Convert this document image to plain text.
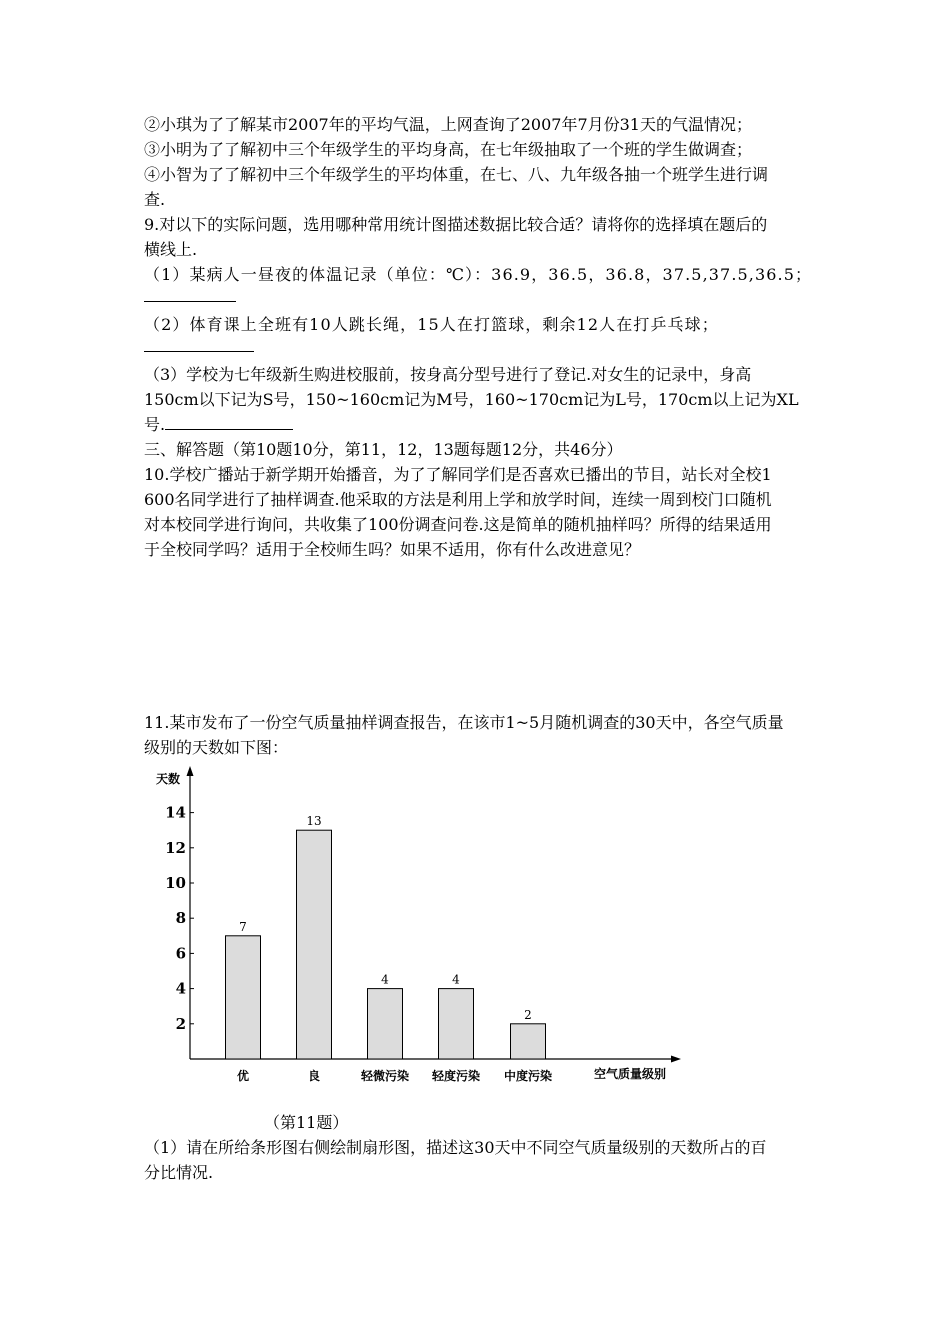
②小琪为了了解某市2007年的平均气温，上网查询了2007年7月份31天的气温情况；
③小明为了了解初中三个年级学生的平均身高，在七年级抽取了一个班的学生做调查；
④小智为了了解初中三个年级学生的平均体重，在七、八、九年级各抽一个班学生进行调
查.
9.对以下的实际问题，选用哪种常用统计图描述数据比较合适？请将你的选择填在题后的
横线上.
（1）某病人一昼夜的体温记录（单位：℃）：36.9，36.5，36.8，37.5,37.5,36.5；
（2）体育课上全班有10人跳长绳，15人在打篮球，剩余12人在打乒乓球；
（3）学校为七年级新生购进校服前，按身高分型号进行了登记.对女生的记录中，身高
150cm以下记为S号，150~160cm记为M号，160~170cm记为L号，170cm以上记为XL
号.
三、解答题（第10题10分，第11，12，13题每题12分，共46分）
10.学校广播站于新学期开始播音，为了了解同学们是否喜欢已播出的节目，站长对全校1
600名同学进行了抽样调查.他采取的方法是利用上学和放学时间，连续一周到校门口随机
对本校同学进行询问，共收集了100份调查问卷.这是简单的随机抽样吗？所得的结果适用
于全校同学吗？适用于全校师生吗？如果不适用，你有什么改进意见？
11.某市发布了一份空气质量抽样调查报告，在该市1~5月随机调查的30天中，各空气质量
级别的天数如下图：
天数
2
4
6
8
10
12
14
7
优
13
良
4
轻微污染
4
轻度污染
2
中度污染	空气质量级别
（第11题）
（1）请在所给条形图右侧绘制扇形图，描述这30天中不同空气质量级别的天数所占的百
分比情况.
